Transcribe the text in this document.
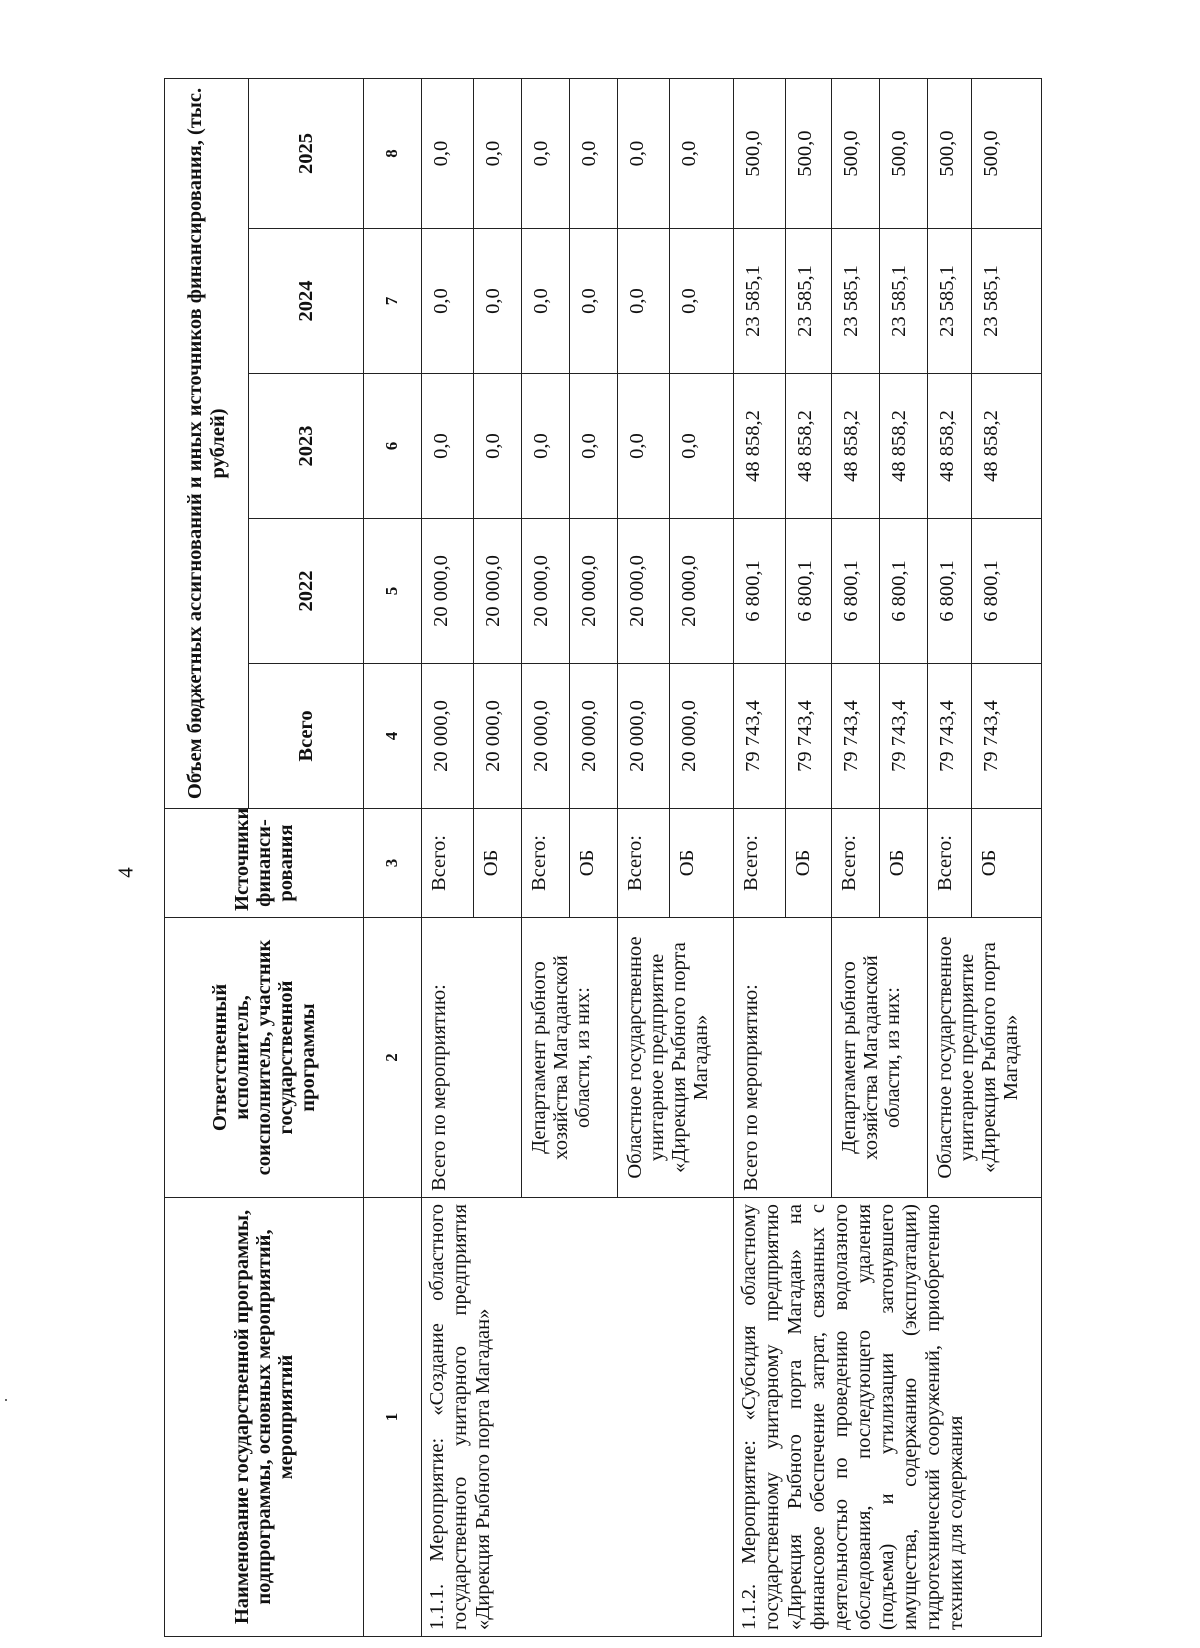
4
Наименование государственной программы, подпрограммы, основных мероприятий, мероприятий	Ответственный исполнитель, соисполнитель, участник государственной программы	Источники финанси-рования	Объем бюджетных ассигнований и иных источников финансирования, (тыс. рублей)				
			Всего	2022	2023	2024	2025
1	2	3	4	5	6	7	8
1.1.1. Мероприятие: «Создание областного государственного унитарного предприятия «Дирекция Рыбного порта Магадан»	Всего по мероприятию:	Всего:	20 000,0	20 000,0	0,0	0,0	0,0
		ОБ	20 000,0	20 000,0	0,0	0,0	0,0
	Департамент рыбного хозяйства Магаданской области, из них:	Всего:	20 000,0	20 000,0	0,0	0,0	0,0
		ОБ	20 000,0	20 000,0	0,0	0,0	0,0
	Областное государственное унитарное предприятие «Дирекция Рыбного порта Магадан»	Всего:	20 000,0	20 000,0	0,0	0,0	0,0
		ОБ	20 000,0	20 000,0	0,0	0,0	0,0
1.1.2. Мероприятие: «Субсидия областному государственному унитарному предприятию «Дирекция Рыбного порта Магадан» на финансовое обеспечение затрат, связанных с деятельностью по проведению водолазного обследования, последующего удаления (подъема) и утилизации затонувшего имущества, содержанию (эксплуатации) гидротехнический сооружений, приобретению техники для содержания	Всего по мероприятию:	Всего:	79 743,4	6 800,1	48 858,2	23 585,1	500,0
		ОБ	79 743,4	6 800,1	48 858,2	23 585,1	500,0
	Департамент рыбного хозяйства Магаданской области, из них:	Всего:	79 743,4	6 800,1	48 858,2	23 585,1	500,0
		ОБ	79 743,4	6 800,1	48 858,2	23 585,1	500,0
	Областное государственное унитарное предприятие «Дирекция Рыбного порта Магадан»	Всего:	79 743,4	6 800,1	48 858,2	23 585,1	500,0
		ОБ	79 743,4	6 800,1	48 858,2	23 585,1	500,0
